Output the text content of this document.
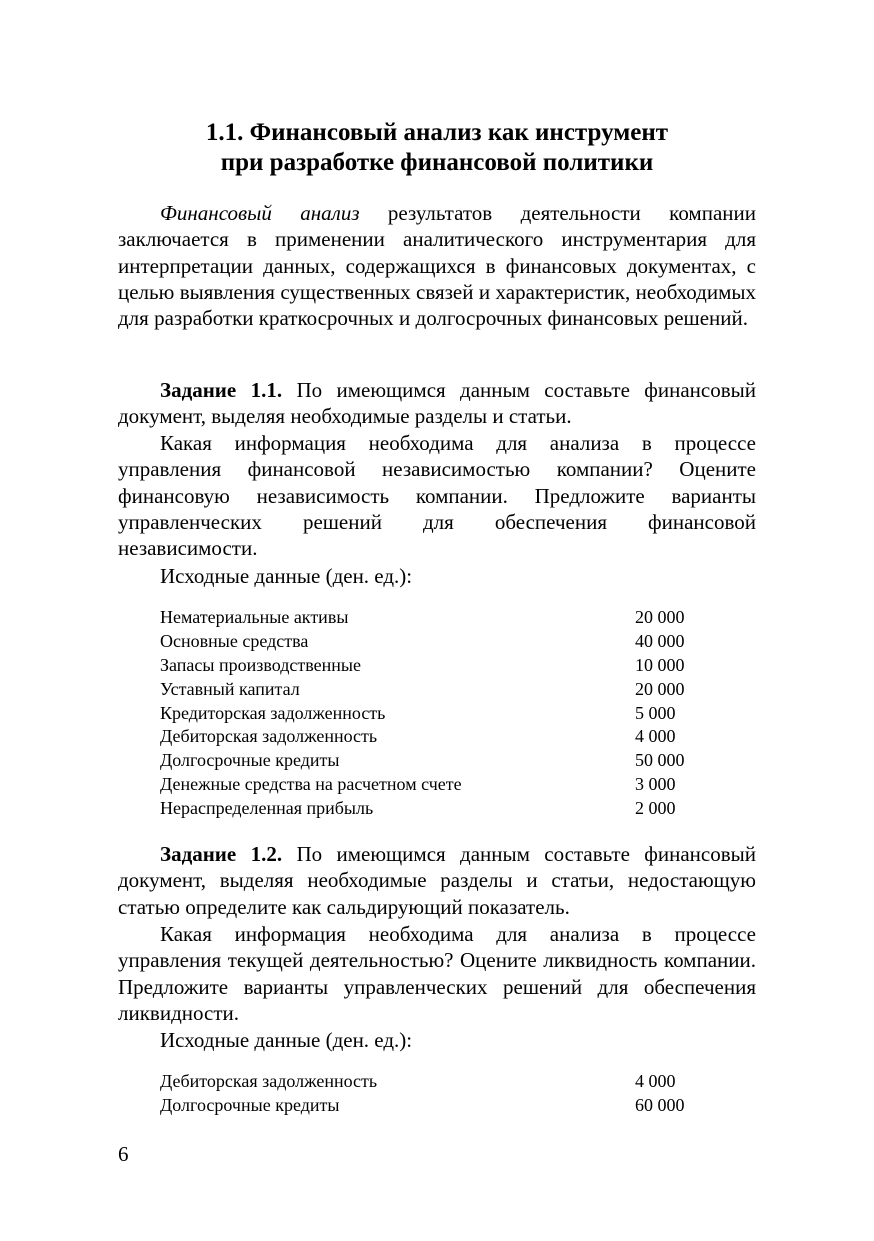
1.1. Финансовый анализ как инструмент
при разработке финансовой политики

Финансовый анализ результатов деятельности компании заключается в применении аналитического инструментария для интерпретации данных, содержащихся в финансовых документах, с целью выявления существенных связей и характеристик, необходимых для разработки краткосрочных и долгосрочных финансовых решений.

Задание 1.1. По имеющимся данным составьте финансовый документ, выделяя необходимые разделы и статьи.

Какая информация необходима для анализа в процессе управления финансовой независимостью компании? Оцените финансовую независимость компании. Предложите варианты управленческих решений для обеспечения финансовой независимости.

Исходные данные (ден. ед.):

Нематериальные активы	20 000
Основные средства	40 000
Запасы производственные	10 000
Уставный капитал	20 000
Кредиторская задолженность	5 000
Дебиторская задолженность	4 000
Долгосрочные кредиты	50 000
Денежные средства на расчетном счете	3 000
Нераспределенная прибыль	2 000

Задание 1.2. По имеющимся данным составьте финансовый документ, выделяя необходимые разделы и статьи, недостающую статью определите как сальдирующий показатель.

Какая информация необходима для анализа в процессе управления текущей деятельностью? Оцените ликвидность компании. Предложите варианты управленческих решений для обеспечения ликвидности.

Исходные данные (ден. ед.):

Дебиторская задолженность	4 000
Долгосрочные кредиты	60 000
6
